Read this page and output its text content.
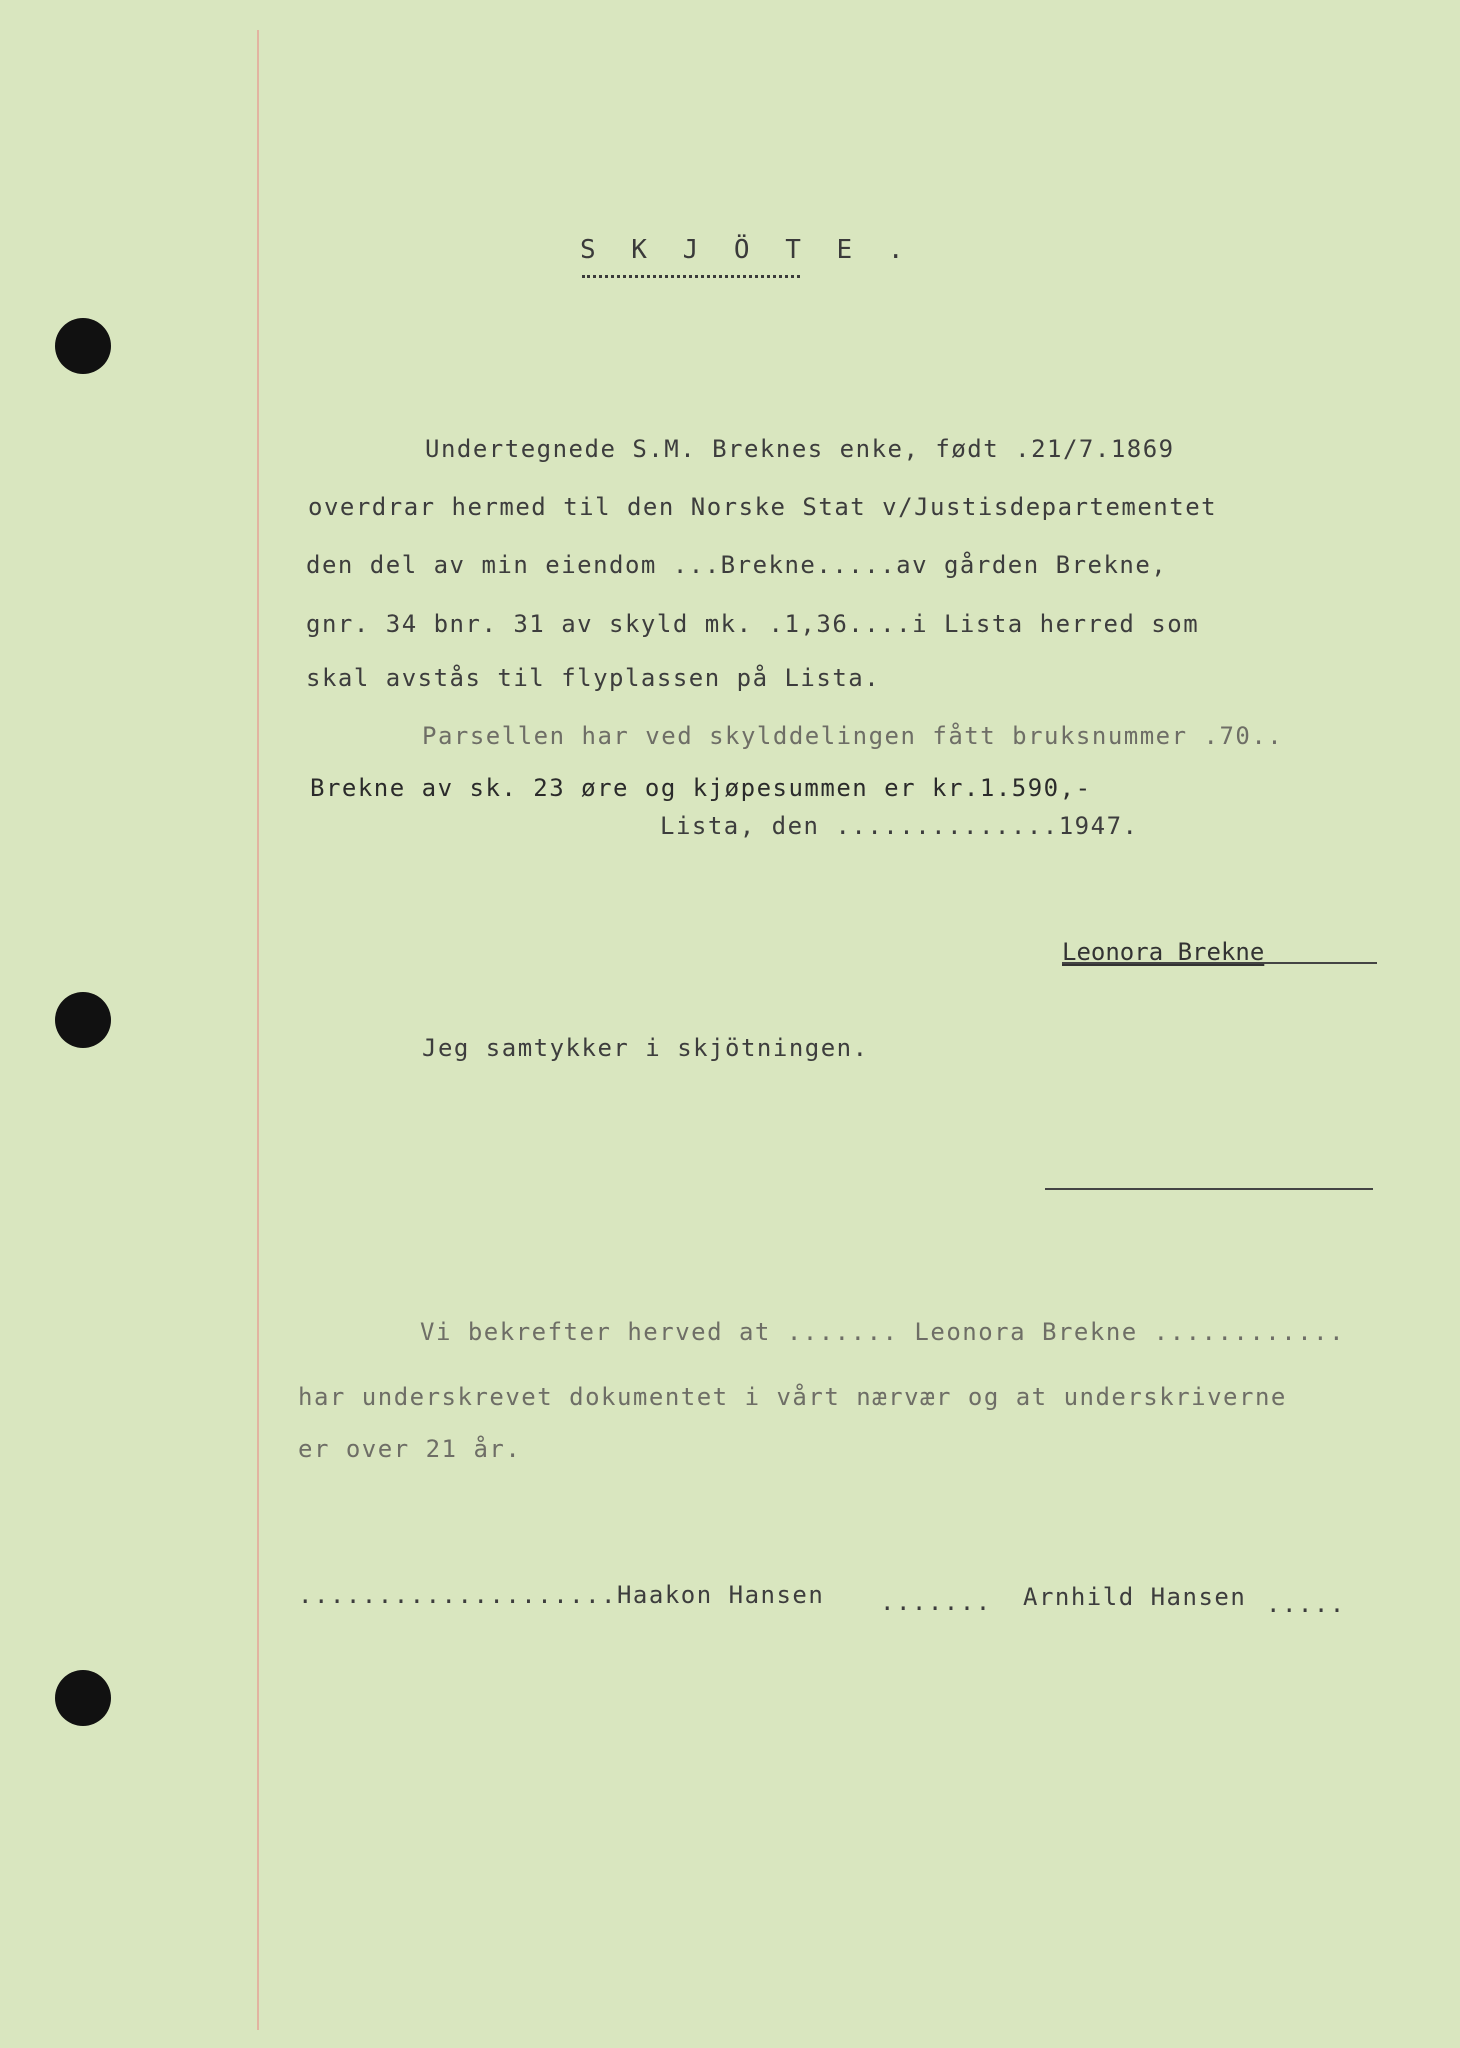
S K J Ö T E .
Undertegnede S.M. Breknes enke, født .21/7.1869
overdrar hermed til den Norske Stat v/Justisdepartementet
den del av min eiendom ...Brekne.....av gården Brekne,
gnr. 34 bnr. 31 av skyld mk. .1,36....i Lista herred som
skal avstås til flyplassen på Lista.
Parsellen har ved skylddelingen fått bruksnummer .70..
Brekne av sk. 23 øre og kjøpesummen er kr.1.590,-
Lista, den ..............1947.
Leonora Brekne
Jeg samtykker i skjötningen.
Vi bekrefter herved at ....... Leonora Brekne ............
har underskrevet dokumentet i vårt nærvær og at underskriverne
er over 21 år.
....................Haakon Hansen ....... Arnhild Hansen .....
